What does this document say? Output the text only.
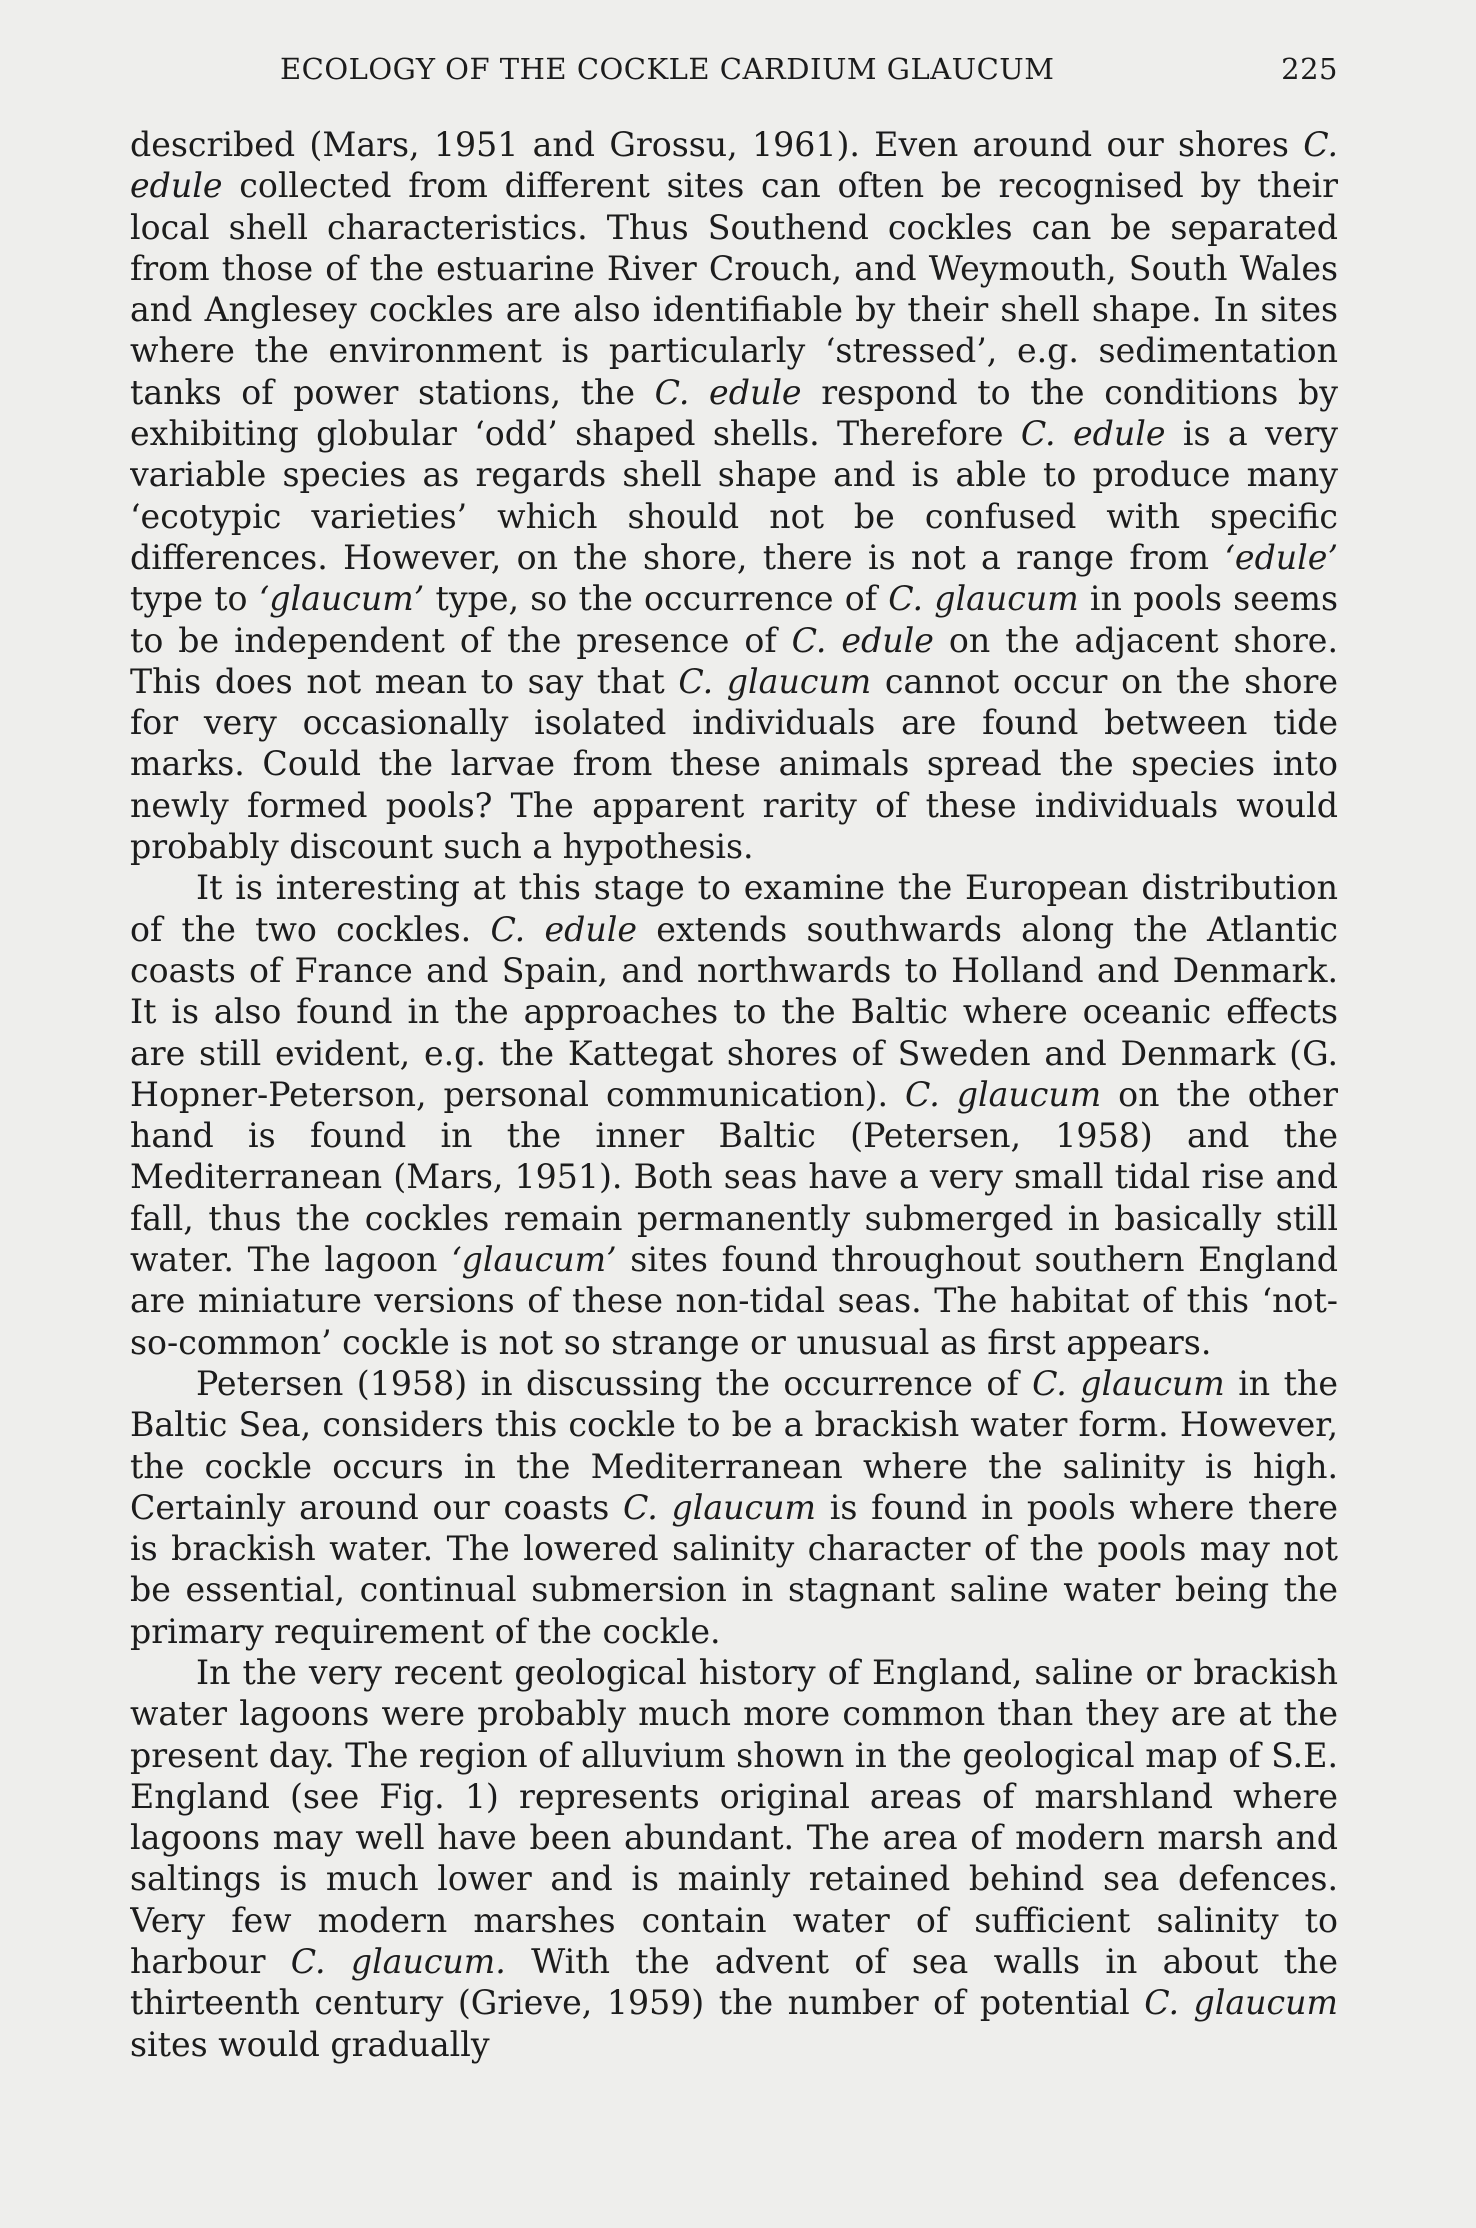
ECOLOGY OF THE COCKLE CARDIUM GLAUCUM	225

described (Mars, 1951 and Grossu, 1961). Even around our shores C. edule collected from different sites can often be recognised by their local shell characteristics. Thus Southend cockles can be separated from those of the estuarine River Crouch, and Weymouth, South Wales and Anglesey cockles are also identifiable by their shell shape. In sites where the environment is particularly ‘stressed’, e.g. sedimentation tanks of power stations, the C. edule respond to the conditions by exhibiting globular ‘odd’ shaped shells. Therefore C. edule is a very variable species as regards shell shape and is able to produce many ‘ecotypic varieties’ which should not be confused with specific differences. However, on the shore, there is not a range from ‘edule’ type to ‘glaucum’ type, so the occurrence of C. glaucum in pools seems to be independent of the presence of C. edule on the adjacent shore. This does not mean to say that C. glaucum cannot occur on the shore for very occasionally isolated individuals are found between tide marks. Could the larvae from these animals spread the species into newly formed pools? The apparent rarity of these individuals would probably discount such a hypothesis.

It is interesting at this stage to examine the European distribution of the two cockles. C. edule extends southwards along the Atlantic coasts of France and Spain, and northwards to Holland and Denmark. It is also found in the approaches to the Baltic where oceanic effects are still evident, e.g. the Kattegat shores of Sweden and Denmark (G. Hopner-Peterson, personal communication). C. glaucum on the other hand is found in the inner Baltic (Petersen, 1958) and the Mediterranean (Mars, 1951). Both seas have a very small tidal rise and fall, thus the cockles remain permanently submerged in basically still water. The lagoon ‘glaucum’ sites found throughout southern England are miniature versions of these non-tidal seas. The habitat of this ‘not-so-common’ cockle is not so strange or unusual as first appears.

Petersen (1958) in discussing the occurrence of C. glaucum in the Baltic Sea, considers this cockle to be a brackish water form. However, the cockle occurs in the Mediterranean where the salinity is high. Certainly around our coasts C. glaucum is found in pools where there is brackish water. The lowered salinity character of the pools may not be essential, continual submersion in stagnant saline water being the primary requirement of the cockle.

In the very recent geological history of England, saline or brackish water lagoons were probably much more common than they are at the present day. The region of alluvium shown in the geological map of S.E. England (see Fig. 1) represents original areas of marshland where lagoons may well have been abundant. The area of modern marsh and saltings is much lower and is mainly retained behind sea defences. Very few modern marshes contain water of sufficient salinity to harbour C. glaucum. With the advent of sea walls in about the thirteenth century (Grieve, 1959) the number of potential C. glaucum sites would gradually
